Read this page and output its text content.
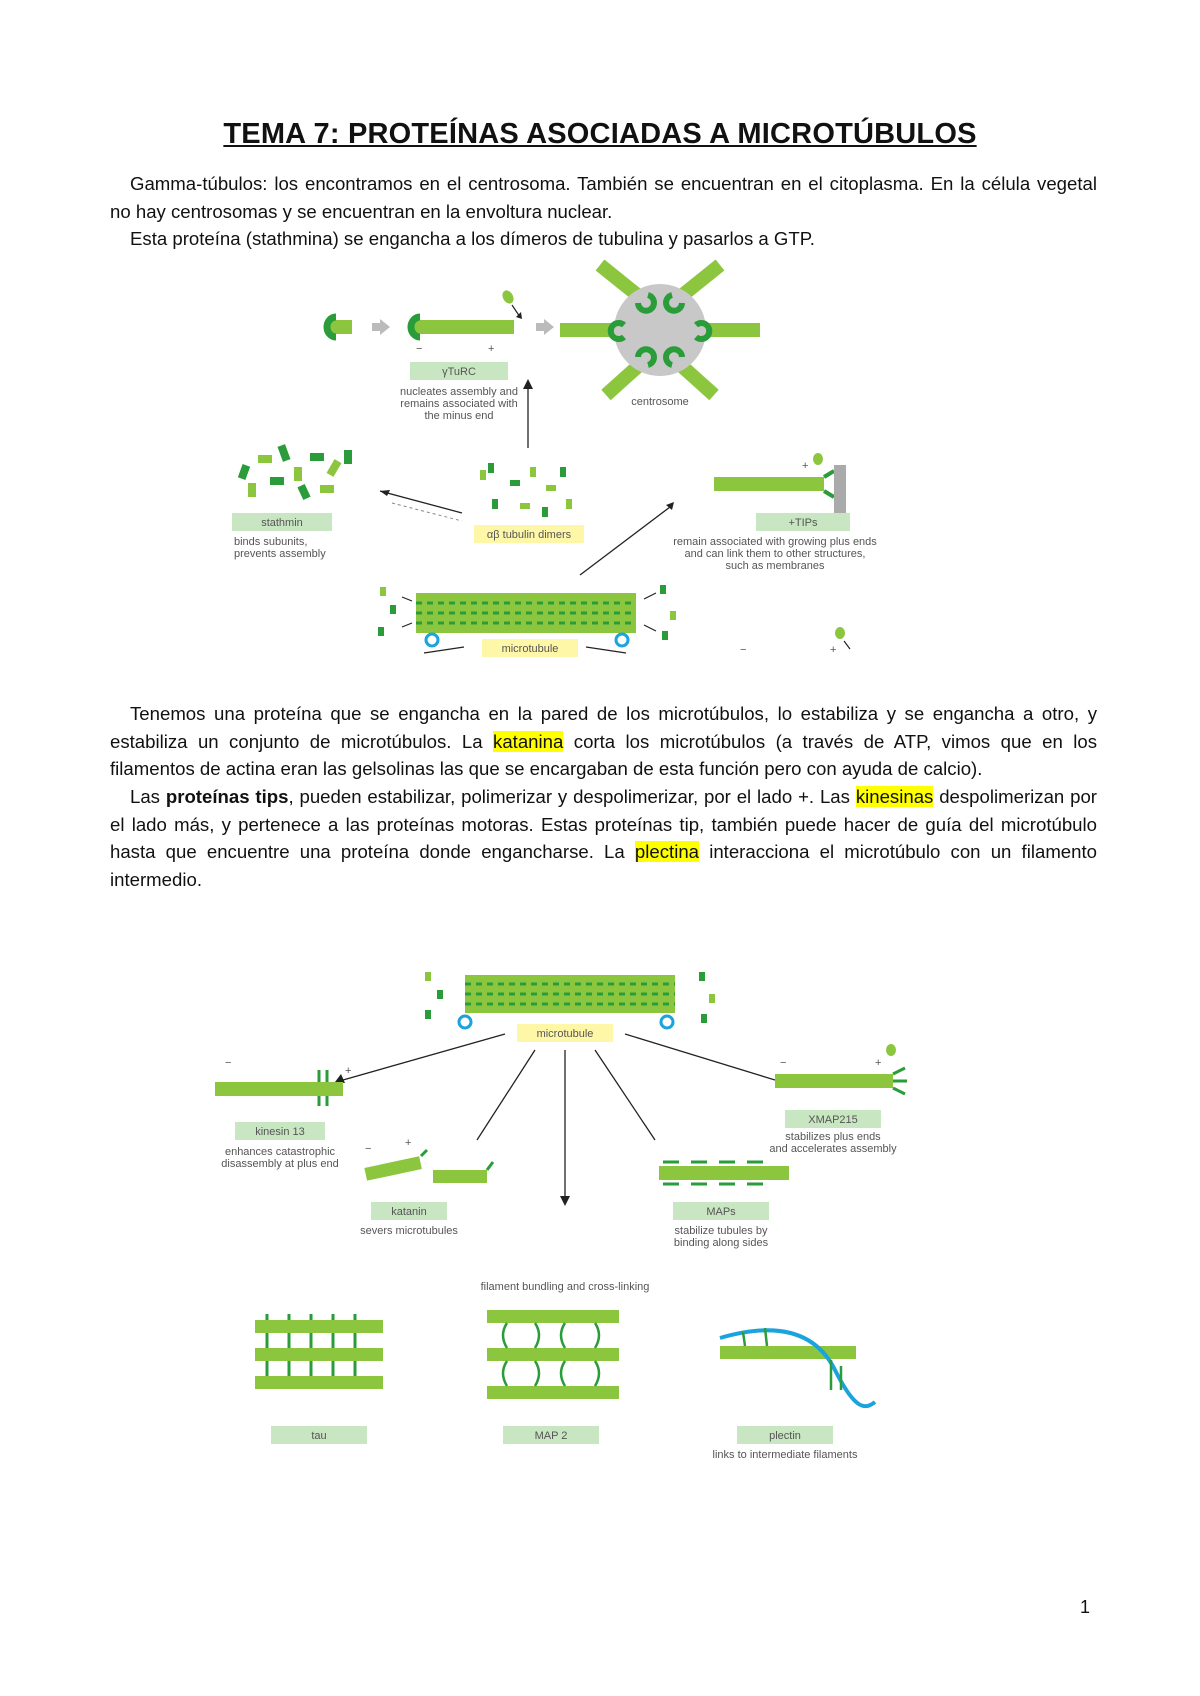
TEMA 7: PROTEÍNAS ASOCIADAS A MICROTÚBULOS

Gamma-túbulos: los encontramos en el centrosoma. También se encuentran en el citoplasma. En la célula vegetal no hay centrosomas y se encuentran en la envoltura nuclear.

Esta proteína (stathmina) se engancha a los dímeros de tubulina y pasarlos a GTP.

−	+
γTuRC
nucleates assembly and
remains associated with
the minus end
centrosome
stathmin
binds subunits,
prevents assembly
αβ tubulin dimers
+
+TIPs
remain associated with growing plus ends
and can link them to other structures,
such as membranes
microtubule	−	+

Tenemos una proteína que se engancha en la pared de los microtúbulos, lo estabiliza y se engancha a otro, y estabiliza un conjunto de microtúbulos. La katanina corta los microtúbulos (a través de ATP, vimos que en los filamentos de actina eran las gelsolinas las que se encargaban de esta función pero con ayuda de calcio).

Las proteínas tips, pueden estabilizar, polimerizar y despolimerizar, por el lado +. Las kinesinas despolimerizan por el lado más, y pertenece a las proteínas motoras. Estas proteínas tip, también puede hacer de guía del microtúbulo hasta que encuentre una proteína donde engancharse. La plectina interacciona el microtúbulo con un filamento intermedio.

microtubule
−
+
kinesin 13
enhances catastrophic
disassembly at plus end
−	+
XMAP215
stabilizes plus ends
and accelerates assembly
−	+
katanin
severs microtubules
MAPs
stabilize tubules by
binding along sides
filament bundling and cross-linking
tau	MAP 2	plectin
links to intermediate filaments
1
